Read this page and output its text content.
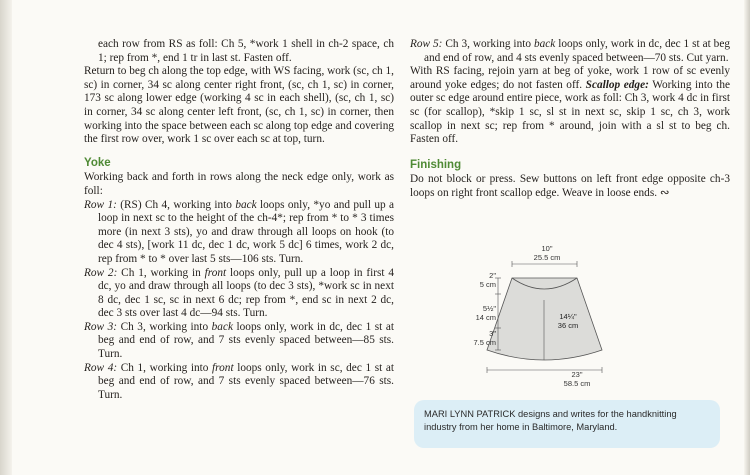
each row from RS as foll: Ch 5, *work 1 shell in ch-2 space, ch 1; rep from *, end 1 tr in last st. Fasten off.

Return to beg ch along the top edge, with WS facing, work (sc, ch 1, sc) in corner, 34 sc along center right front, (sc, ch 1, sc) in corner, 173 sc along lower edge (working 4 sc in each shell), (sc, ch 1, sc) in corner, 34 sc along center left front, (sc, ch 1, sc) in corner, then working into the space between each sc along top edge and covering the first row over, work 1 sc over each sc at top, turn.

Yoke

Working back and forth in rows along the neck edge only, work as foll:

Row 1: (RS) Ch 4, working into back loops only, *yo and pull up a loop in next sc to the height of the ch-4*; rep from * to * 3 times more (in next 3 sts), yo and draw through all loops on hook (to dec 4 sts), [work 11 dc, dec 1 dc, work 5 dc] 6 times, work 2 dc, rep from * to * over last 5 sts—106 sts. Turn.

Row 2: Ch 1, working in front loops only, pull up a loop in first 4 dc, yo and draw through all loops (to dec 3 sts), *work sc in next 8 dc, dec 1 sc, sc in next 6 dc; rep from *, end sc in next 2 dc, dec 3 sts over last 4 dc—94 sts. Turn.

Row 3: Ch 3, working into back loops only, work in dc, dec 1 st at beg and end of row, and 7 sts evenly spaced between—85 sts. Turn.

Row 4: Ch 1, working into front loops only, work in sc, dec 1 st at beg and end of row, and 7 sts evenly spaced between—76 sts. Turn.

Row 5: Ch 3, working into back loops only, work in dc, dec 1 st at beg and end of row, and 4 sts evenly spaced between—70 sts. Cut yarn.

With RS facing, rejoin yarn at beg of yoke, work 1 row of sc evenly around yoke edges; do not fasten off. Scallop edge: Working into the outer sc edge around entire piece, work as foll: Ch 3, work 4 dc in first sc (for scallop), *skip 1 sc, sl st in next sc, skip 1 sc, ch 3, work scallop in next sc; rep from * around, join with a sl st to beg ch. Fasten off.

Finishing

Do not block or press. Sew buttons on left front edge opposite ch-3 loops on right front scallop edge. Weave in loose ends. ∾

10"
25.5 cm
2"
5 cm
5½"
14 cm
3"
7.5 cm
14¼"
36 cm
23"
58.5 cm
MARI LYNN PATRICK designs and writes for the handknitting industry from her home in Baltimore, Maryland.
